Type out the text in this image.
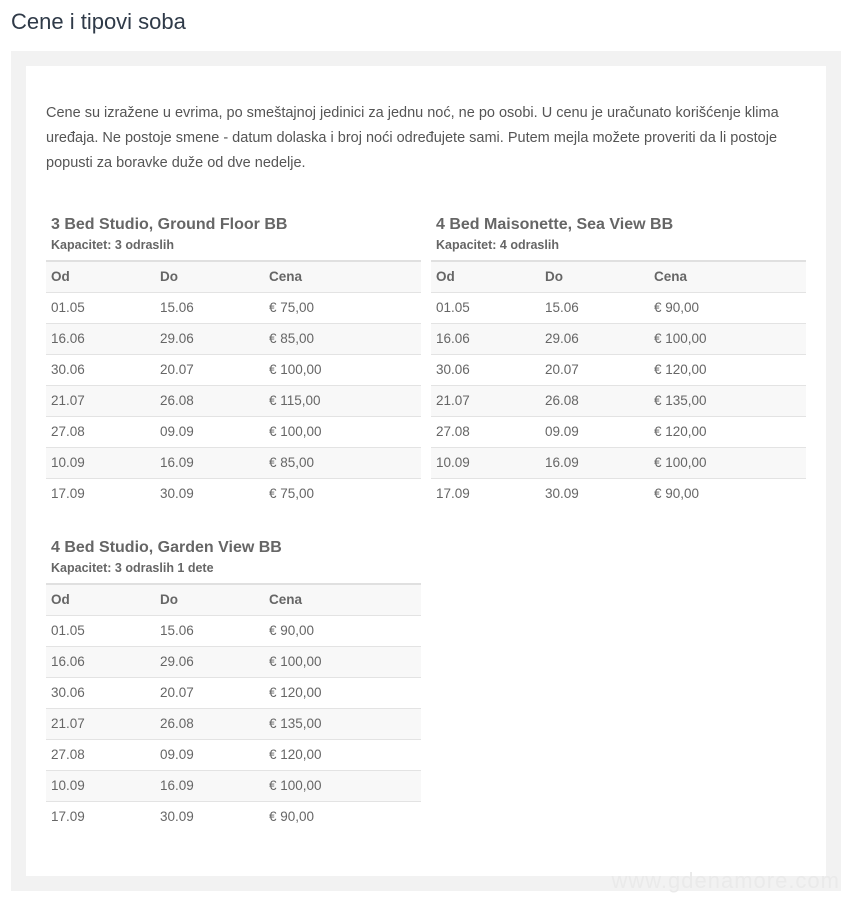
Cene i tipovi soba

Cene su izražene u evrima, po smeštajnoj jedinici za jednu noć, ne po osobi. U cenu je uračunato korišćenje klima uređaja. Ne postoje smene - datum dolaska i broj noći određujete sami. Putem mejla možete proveriti da li postoje popusti za boravke duže od dve nedelje.

3 Bed Studio, Ground Floor BB
Kapacitet: 3 odraslih
Od	Do	Cena
01.05	15.06	€ 75,00
16.06	29.06	€ 85,00
30.06	20.07	€ 100,00
21.07	26.08	€ 115,00
27.08	09.09	€ 100,00
10.09	16.09	€ 85,00
17.09	30.09	€ 75,00
4 Bed Maisonette, Sea View BB
Kapacitet: 4 odraslih
Od	Do	Cena
01.05	15.06	€ 90,00
16.06	29.06	€ 100,00
30.06	20.07	€ 120,00
21.07	26.08	€ 135,00
27.08	09.09	€ 120,00
10.09	16.09	€ 100,00
17.09	30.09	€ 90,00
4 Bed Studio, Garden View BB
Kapacitet: 3 odraslih 1 dete
Od	Do	Cena
01.05	15.06	€ 90,00
16.06	29.06	€ 100,00
30.06	20.07	€ 120,00
21.07	26.08	€ 135,00
27.08	09.09	€ 120,00
10.09	16.09	€ 100,00
17.09	30.09	€ 90,00
www.gdenamore.com
